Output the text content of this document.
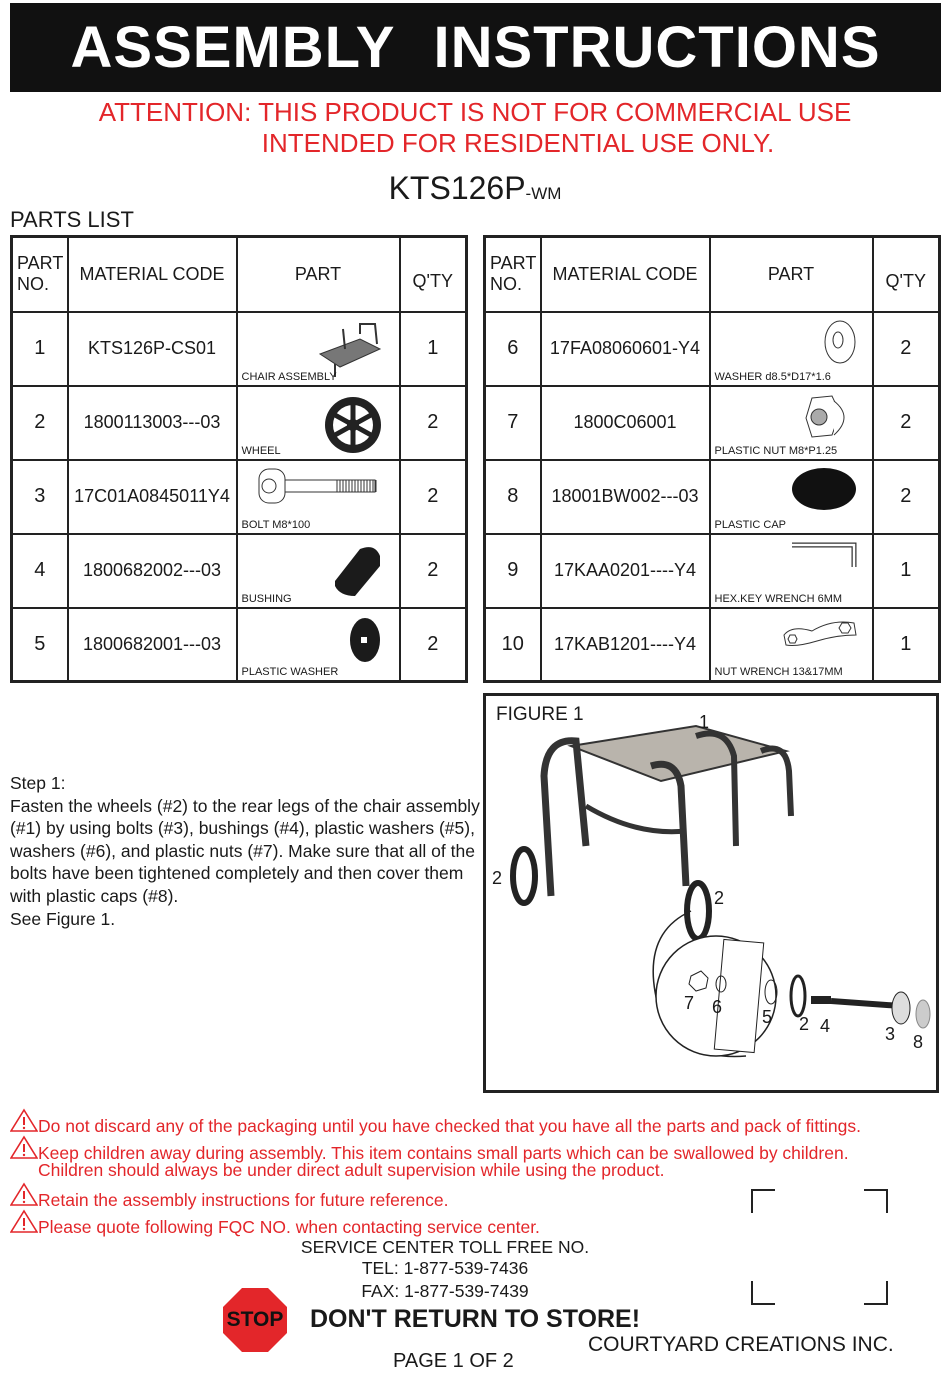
ASSEMBLY INSTRUCTIONS
ATTENTION: THIS PRODUCT IS NOT FOR COMMERCIAL USE
INTENDED FOR RESIDENTIAL USE ONLY.
KTS126P-WM
PARTS LIST
PART NO.	MATERIAL CODE	PART	Q'TY
1	KTS126P-CS01	CHAIR ASSEMBLY	1
2	1800113003---03	WHEEL	2
3	17C01A0845011Y4	BOLT M8*100	2
4	1800682002---03	BUSHING	2
5	1800682001---03	PLASTIC WASHER	2
PART NO.	MATERIAL CODE	PART	Q'TY
6	17FA08060601-Y4	WASHER d8.5*D17*1.6	2
7	1800C06001	PLASTIC NUT M8*P1.25	2
8	18001BW002---03	PLASTIC CAP	2
9	17KAA0201----Y4	HEX.KEY WRENCH 6MM	1
10	17KAB1201----Y4	NUT WRENCH 13&17MM	1
Step 1:
Fasten the wheels (#2) to the rear legs of the chair assembly (#1) by using bolts (#3), bushings (#4), plastic washers (#5), washers (#6), and plastic nuts (#7). Make sure that all of the bolts have been tightened completely and then cover them with plastic caps (#8).
See Figure 1.
FIGURE 1	1
2
2
7 6 5 2 4	3 8
Do not discard any of the packaging until you have checked that you have all the parts and pack of fittings.
Keep children away during assembly. This item contains small parts which can be swallowed by children.
Children should always be under direct adult supervision while using the product.
Retain the assembly instructions for future reference.
Please quote following FQC NO. when contacting service center.
SERVICE CENTER TOLL FREE NO.
TEL: 1-877-539-7436
FAX: 1-877-539-7439
STOP DON'T RETURN TO STORE!
COURTYARD CREATIONS INC.
PAGE 1 OF 2
